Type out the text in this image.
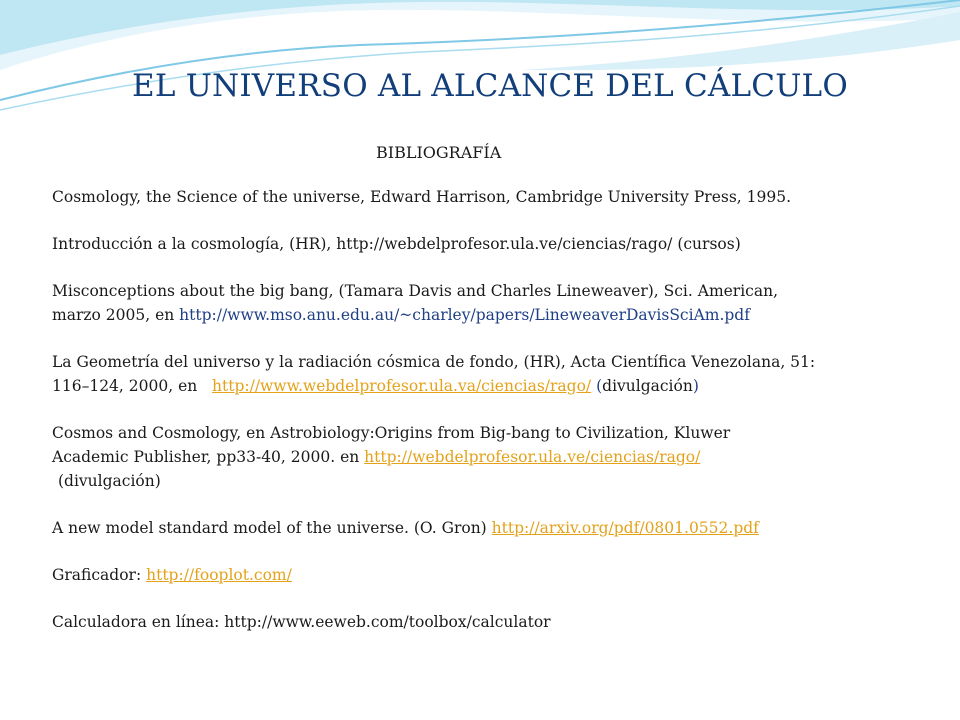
EL UNIVERSO AL ALCANCE DEL CÁLCULO
BIBLIOGRAFÍA
Cosmology, the Science of the universe, Edward Harrison, Cambridge University Press, 1995.
Introducción a la cosmología, (HR), http://webdelprofesor.ula.ve/ciencias/rago/ (cursos)
Misconceptions about the big bang, (Tamara Davis and Charles Lineweaver), Sci. American,
marzo 2005, en http://www.mso.anu.edu.au/~charley/papers/LineweaverDavisSciAm.pdf
La Geometría del universo y la radiación cósmica de fondo, (HR), Acta Científica Venezolana, 51:
116–124, 2000, en   http://www.webdelprofesor.ula.va/ciencias/rago/ (divulgación)
Cosmos and Cosmology, en Astrobiology:Origins from Big-bang to Civilization, Kluwer
Academic Publisher, pp33-40, 2000. en http://webdelprofesor.ula.ve/ciencias/rago/
(divulgación)
A new model standard model of the universe. (O. Gron) http://arxiv.org/pdf/0801.0552.pdf
Graficador: http://fooplot.com/
Calculadora en línea: http://www.eeweb.com/toolbox/calculator
